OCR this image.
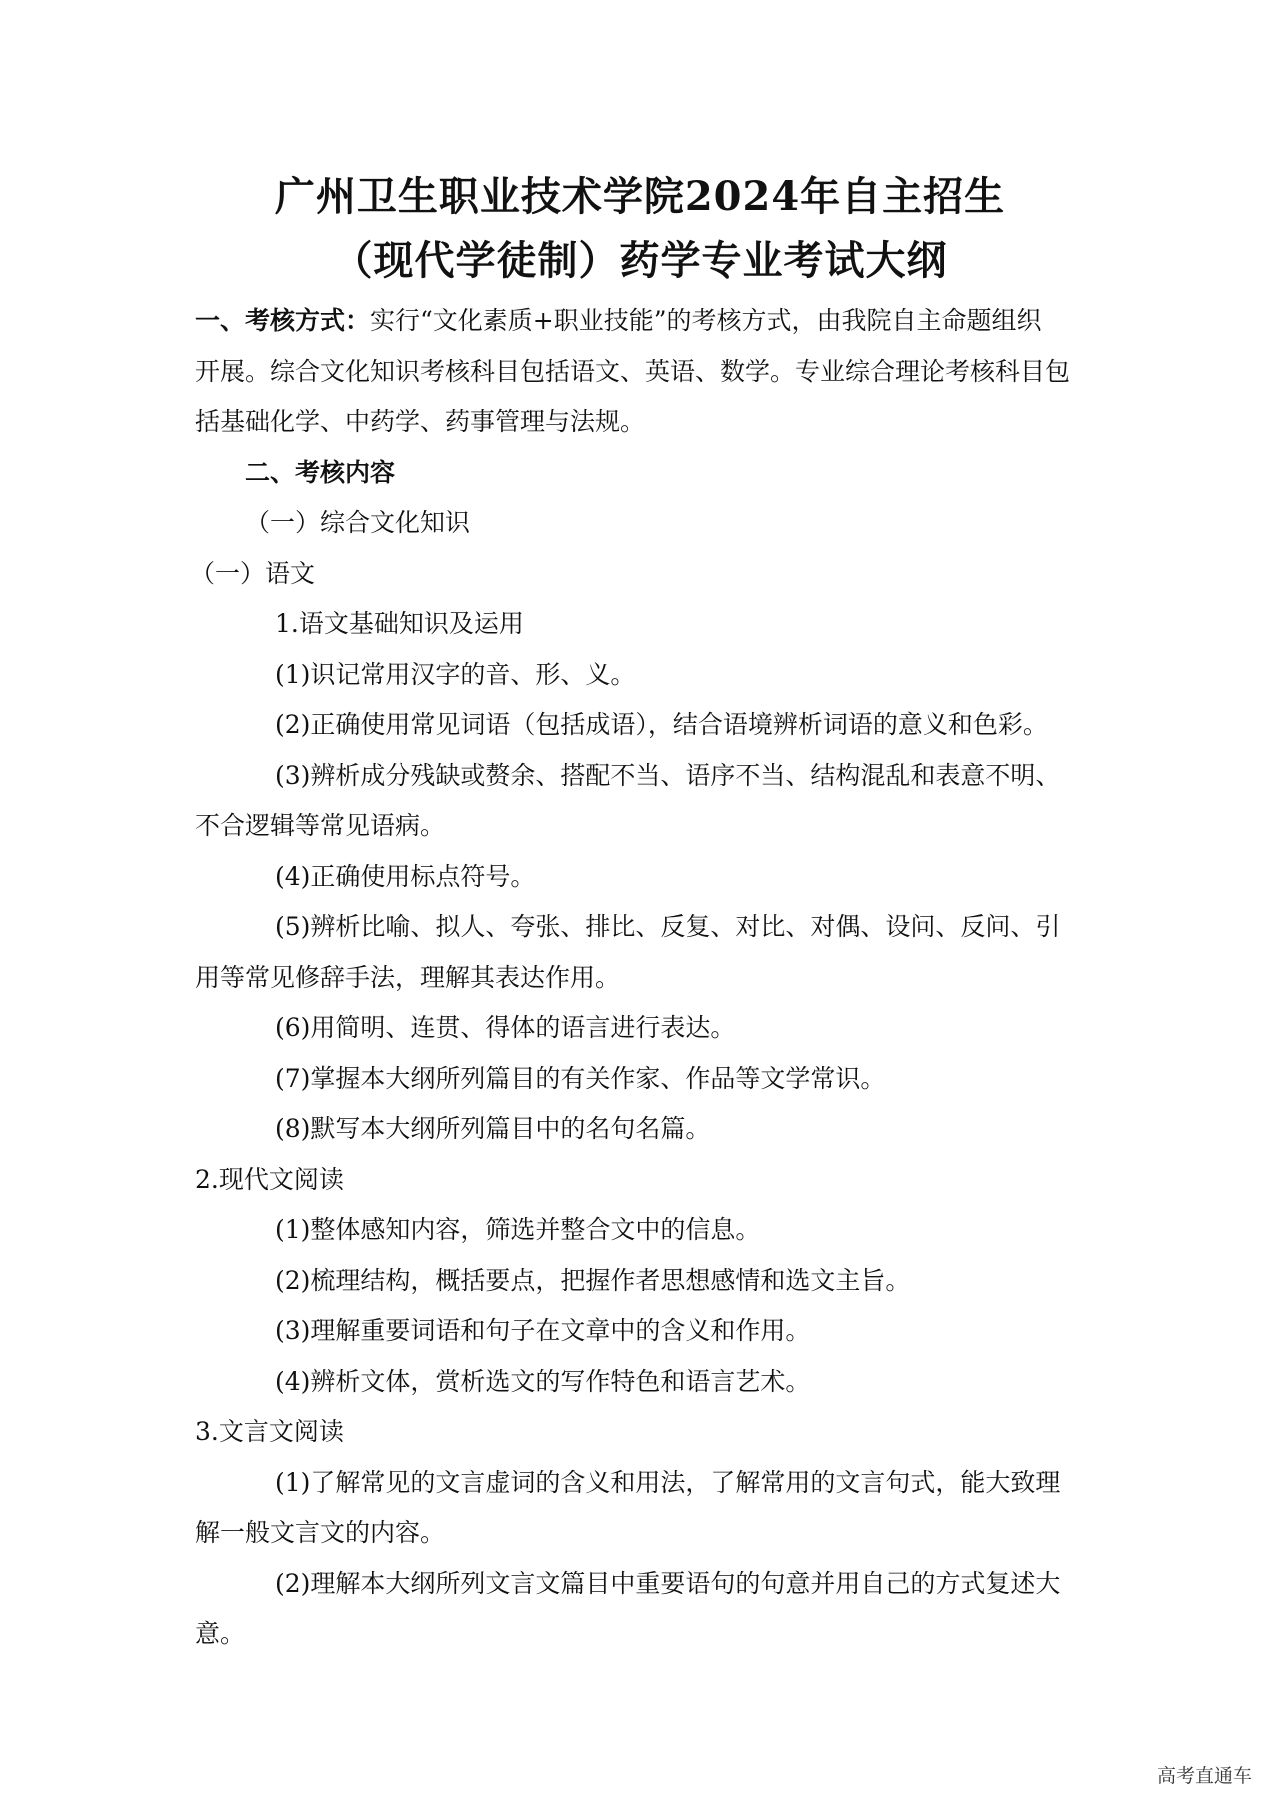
广州卫生职业技术学院2024年自主招生
（现代学徒制）药学专业考试大纲

一、考核方式：实行“文化素质+职业技能”的考核方式，由我院自主命题组织

开展。综合文化知识考核科目包括语文、英语、数学。专业综合理论考核科目包

括基础化学、中药学、药事管理与法规。

二、考核内容

（一）综合文化知识

（一）语文

1.语文基础知识及运用

(1)识记常用汉字的音、形、义。

(2)正确使用常见词语（包括成语），结合语境辨析词语的意义和色彩。

(3)辨析成分残缺或赘余、搭配不当、语序不当、结构混乱和表意不明、

不合逻辑等常见语病。

(4)正确使用标点符号。

(5)辨析比喻、拟人、夸张、排比、反复、对比、对偶、设问、反问、引

用等常见修辞手法，理解其表达作用。

(6)用简明、连贯、得体的语言进行表达。

(7)掌握本大纲所列篇目的有关作家、作品等文学常识。

(8)默写本大纲所列篇目中的名句名篇。

2.现代文阅读

(1)整体感知内容，筛选并整合文中的信息。

(2)梳理结构，概括要点，把握作者思想感情和选文主旨。

(3)理解重要词语和句子在文章中的含义和作用。

(4)辨析文体，赏析选文的写作特色和语言艺术。

3.文言文阅读

(1)了解常见的文言虚词的含义和用法，了解常用的文言句式，能大致理

解一般文言文的内容。

(2)理解本大纲所列文言文篇目中重要语句的句意并用自己的方式复述大

意。

高考直通车
